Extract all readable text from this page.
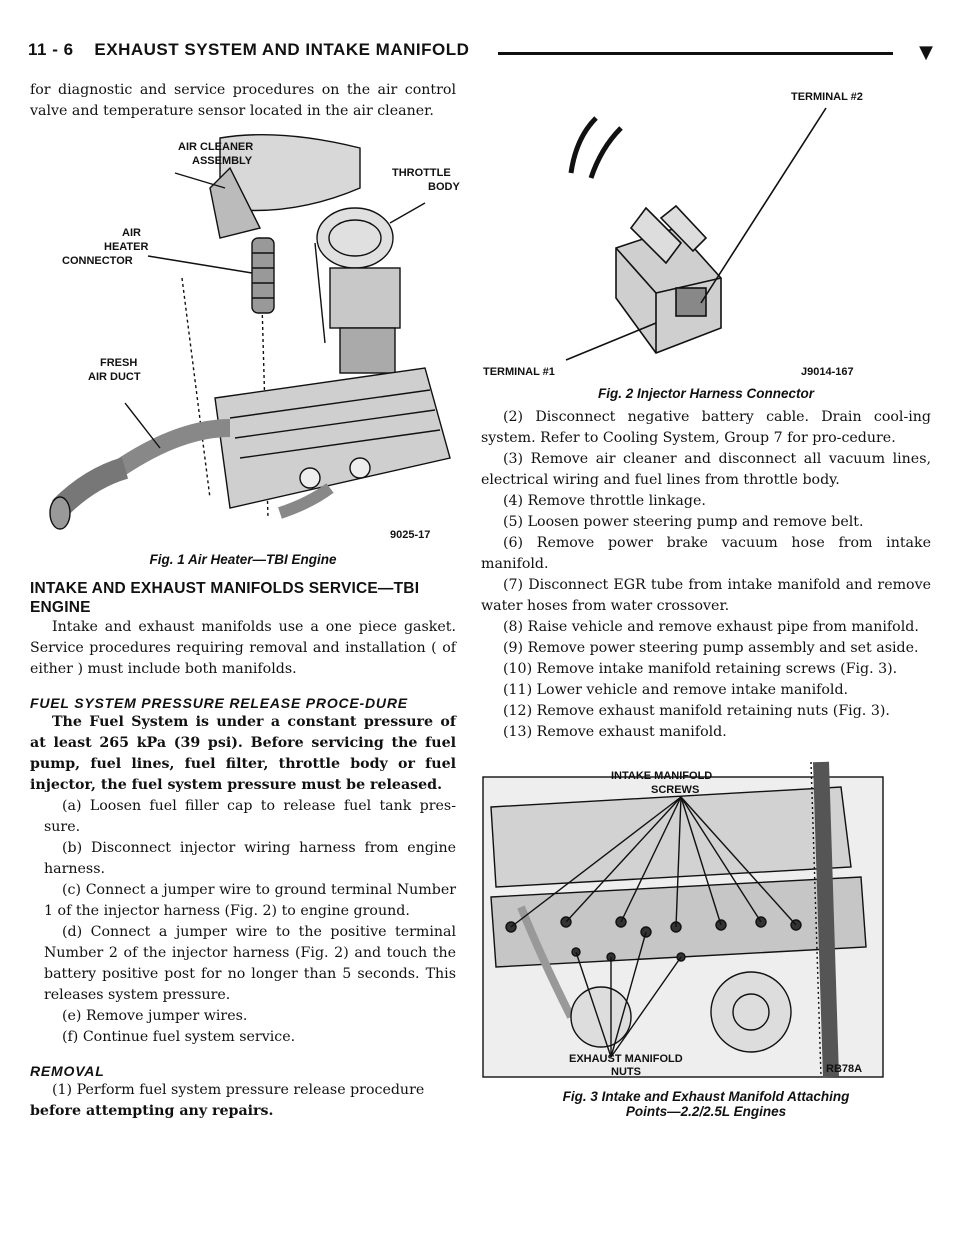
11 - 6    EXHAUST SYSTEM AND INTAKE MANIFOLD	▼

for diagnostic and service procedures on the air control valve and temperature sensor located in the air cleaner.

AIR CLEANER
ASSEMBLY
THROTTLE
BODY
AIR
HEATER
CONNECTOR
FRESH
AIR DUCT
9025-17
Fig. 1 Air Heater—TBI Engine
INTAKE AND EXHAUST MANIFOLDS SERVICE—TBI ENGINE

Intake and exhaust manifolds use a one piece gasket. Service procedures requiring removal and installation ( of either ) must include both manifolds.

FUEL SYSTEM PRESSURE RELEASE PROCE-DURE

The Fuel System is under a constant pressure of at least 265 kPa (39 psi). Before servicing the fuel pump, fuel lines, fuel filter, throttle body or fuel injector, the fuel system pressure must be released.

(a) Loosen fuel filler cap to release fuel tank pres-sure.

(b) Disconnect injector wiring harness from engine harness.

(c) Connect a jumper wire to ground terminal Number 1 of the injector harness (Fig. 2) to engine ground.

(d) Connect a jumper wire to the positive terminal Number 2 of the injector harness (Fig. 2) and touch the battery positive post for no longer than 5 seconds. This releases system pressure.

(e) Remove jumper wires.

(f) Continue fuel system service.

REMOVAL

(1) Perform fuel system pressure release procedure

before attempting any repairs.

TERMINAL #2
TERMINAL #1	J9014-167
Fig. 2 Injector Harness Connector

(2) Disconnect negative battery cable. Drain cool-ing system. Refer to Cooling System, Group 7 for pro-cedure.

(3) Remove air cleaner and disconnect all vacuum lines, electrical wiring and fuel lines from throttle body.

(4) Remove throttle linkage.

(5) Loosen power steering pump and remove belt.

(6) Remove power brake vacuum hose from intake manifold.

(7) Disconnect EGR tube from intake manifold and remove water hoses from water crossover.

(8) Raise vehicle and remove exhaust pipe from manifold.

(9) Remove power steering pump assembly and set aside.

(10) Remove intake manifold retaining screws (Fig. 3).

(11) Lower vehicle and remove intake manifold.

(12) Remove exhaust manifold retaining nuts (Fig. 3).

(13) Remove exhaust manifold.

INTAKE MANIFOLD
SCREWS
EXHAUST MANIFOLD
NUTS	RB78A
Fig. 3 Intake and Exhaust Manifold Attaching
Points—2.2/2.5L Engines
